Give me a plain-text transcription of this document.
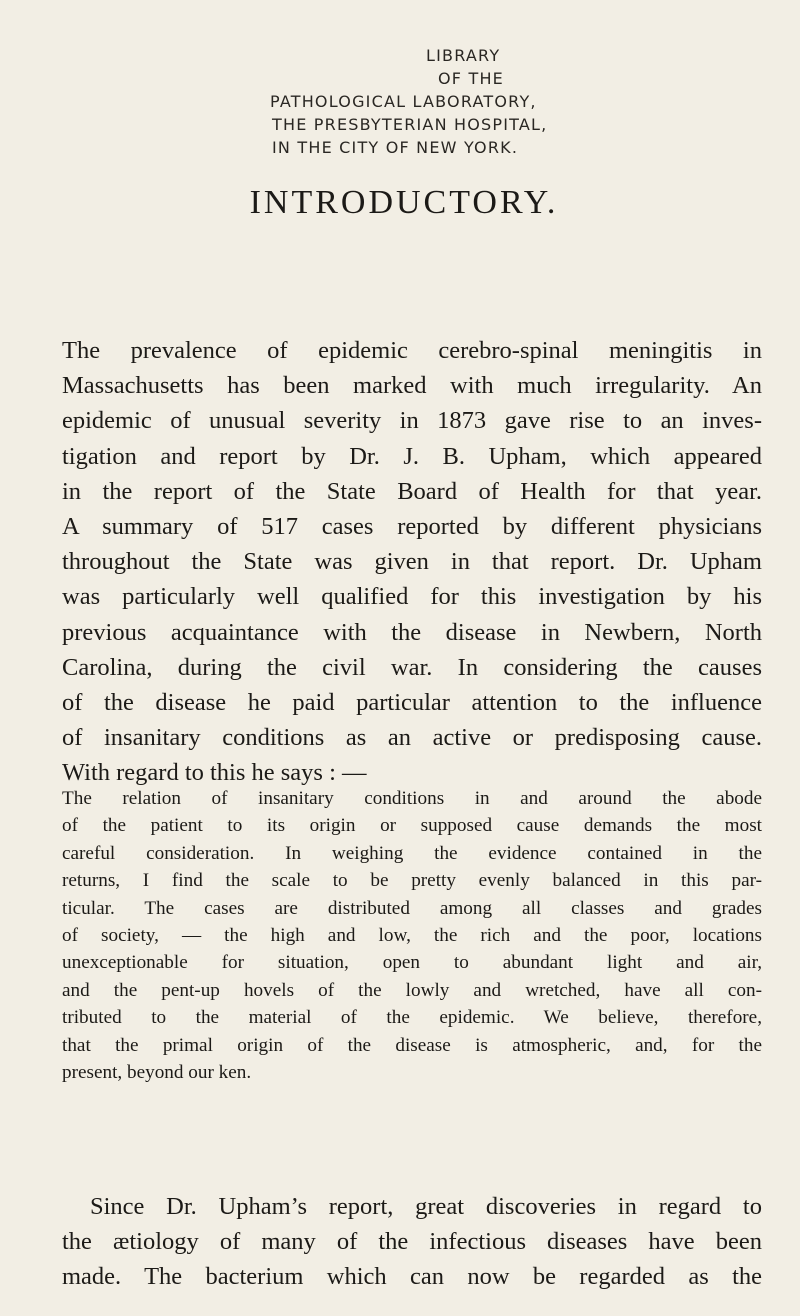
LIBRARY
OF THE
PATHOLOGICAL LABORATORY,
THE PRESBYTERIAN HOSPITAL,
IN THE CITY OF NEW YORK.
INTRODUCTORY.
The prevalence of epidemic cerebro-spinal meningitis in
Massachusetts has been marked with much irregularity. An
epidemic of unusual severity in 1873 gave rise to an inves-
tigation and report by Dr. J. B. Upham, which appeared
in the report of the State Board of Health for that year.
A summary of 517 cases reported by different physicians
throughout the State was given in that report. Dr. Upham
was particularly well qualified for this investigation by his
previous acquaintance with the disease in Newbern, North
Carolina, during the civil war. In considering the causes
of the disease he paid particular attention to the influence
of insanitary conditions as an active or predisposing cause.
With regard to this he says : —
The relation of insanitary conditions in and around the abode
of the patient to its origin or supposed cause demands the most
careful consideration. In weighing the evidence contained in the
returns, I find the scale to be pretty evenly balanced in this par-
ticular. The cases are distributed among all classes and grades
of society, — the high and low, the rich and the poor, locations
unexceptionable for situation, open to abundant light and air,
and the pent-up hovels of the lowly and wretched, have all con-
tributed to the material of the epidemic. We believe, therefore,
that the primal origin of the disease is atmospheric, and, for the
present, beyond our ken.
Since Dr. Upham’s report, great discoveries in regard to
the ætiology of many of the infectious diseases have been
made. The bacterium which can now be regarded as the
